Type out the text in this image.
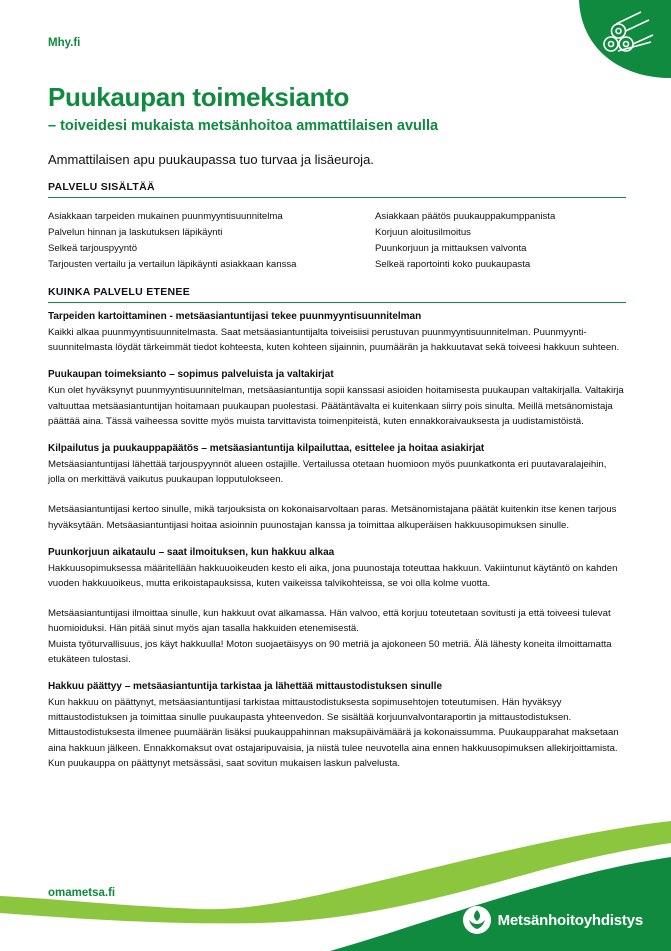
Mhy.fi
Puukaupan toimeksianto
– toiveidesi mukaista metsänhoitoa ammattilaisen avulla

Ammattilaisen apu puukaupassa tuo turvaa ja lisäeuroja.

PALVELU SISÄLTÄÄ
Asiakkaan tarpeiden mukainen puunmyyntisuunnitelma
Palvelun hinnan ja laskutuksen läpikäynti
Selkeä tarjouspyyntö
Tarjousten vertailu ja vertailun läpikäynti asiakkaan kanssa
Asiakkaan päätös puukauppakumppanista
Korjuun aloitusilmoitus
Puunkorjuun ja mittauksen valvonta
Selkeä raportointi koko puukaupasta
KUINKA PALVELU ETENEE
Tarpeiden kartoittaminen - metsäasiantuntijasi tekee puunmyyntisuunnitelman

Kaikki alkaa puunmyyntisuunnitelmasta. Saat metsäasiantuntijalta toiveisiisi perustuvan puunmyyntisuunnitelman. Puunmyynti-suunnitelmasta löydät tärkeimmät tiedot kohteesta, kuten kohteen sijainnin, puumäärän ja hakkuutavat sekä toiveesi hakkuun suhteen.

Puukaupan toimeksianto – sopimus palveluista ja valtakirjat

Kun olet hyväksynyt puunmyyntisuunnitelman, metsäasiantuntija sopii kanssasi asioiden hoitamisesta puukaupan valtakirjalla. Valtakirja valtuuttaa metsäasiantuntijan hoitamaan puukaupan puolestasi. Päätäntävalta ei kuitenkaan siirry pois sinulta. Meillä metsänomistaja päättää aina. Tässä vaiheessa sovitte myös muista tarvittavista toimenpiteistä, kuten ennakkoraivauksesta ja uudistamistöistä.

Kilpailutus ja puukauppapäätös – metsäasiantuntija kilpailuttaa, esittelee ja hoitaa asiakirjat

Metsäasiantuntijasi lähettää tarjouspyynnöt alueen ostajille. Vertailussa otetaan huomioon myös puunkatkonta eri puutavaralajeihin, jolla on merkittävä vaikutus puukaupan lopputulokseen.

Metsäasiantuntijasi kertoo sinulle, mikä tarjouksista on kokonaisarvoltaan paras. Metsänomistajana päätät kuitenkin itse kenen tarjous hyväksytään. Metsäasiantuntijasi hoitaa asioinnin puunostajan kanssa ja toimittaa alkuperäisen hakkuusopimuksen sinulle.

Puunkorjuun aikataulu – saat ilmoituksen, kun hakkuu alkaa

Hakkuusopimuksessa määritellään hakkuuoikeuden kesto eli aika, jona puunostaja toteuttaa hakkuun. Vakiintunut käytäntö on kahden vuoden hakkuuoikeus, mutta erikoistapauksissa, kuten vaikeissa talvikohteissa, se voi olla kolme vuotta.

Metsäasiantuntijasi ilmoittaa sinulle, kun hakkuut ovat alkamassa. Hän valvoo, että korjuu toteutetaan sovitusti ja että toiveesi tulevat huomioiduksi. Hän pitää sinut myös ajan tasalla hakkuiden etenemisestä.

Muista työturvallisuus, jos käyt hakkuulla! Moton suojaetäisyys on 90 metriä ja ajokoneen 50 metriä. Älä lähesty koneita ilmoittamatta etukäteen tulostasi.

Hakkuu päättyy – metsäasiantuntija tarkistaa ja lähettää mittaustodistuksen sinulle

Kun hakkuu on päättynyt, metsäasiantuntijasi tarkistaa mittaustodistuksesta sopimusehtojen toteutumisen. Hän hyväksyy mittaustodistuksen ja toimittaa sinulle puukaupasta yhteenvedon. Se sisältää korjuunvalvontaraportin ja mittaustodistuksen. Mittaustodistuksesta ilmenee puumäärän lisäksi puukauppahinnan maksupäivämäärä ja kokonaissumma. Puukaupparahat maksetaan aina hakkuun jälkeen. Ennakkomaksut ovat ostajaripuvaisia, ja niistä tulee neuvotella aina ennen hakkuusopimuksen allekirjoittamista.

Kun puukauppa on päättynyt metsässäsi, saat sovitun mukaisen laskun palvelusta.

omametsa.fi
Metsänhoitoyhdistys
